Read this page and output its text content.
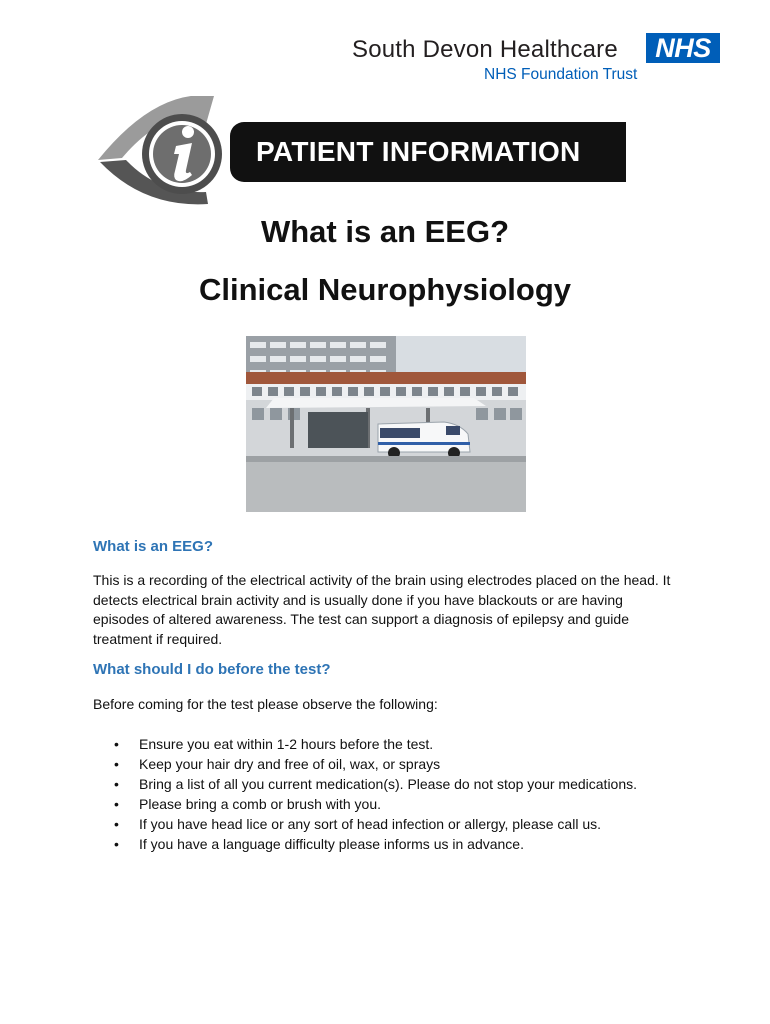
South Devon Healthcare	NHS
NHS Foundation Trust
PATIENT INFORMATION
What is an EEG?
Clinical Neurophysiology
What is an EEG?
This is a recording of the electrical activity of the brain using electrodes placed on the head. It detects electrical brain activity and is usually done if you have blackouts or are having episodes of altered awareness. The test can support a diagnosis of epilepsy and guide treatment if required.
What should I do before the test?
Before coming for the test please observe the following:
• Ensure you eat within 1-2 hours before the test.
• Keep your hair dry and free of oil, wax, or sprays
• Bring a list of all you current medication(s). Please do not stop your medications.
• Please bring a comb or brush with you.
• If you have head lice or any sort of head infection or allergy, please call us.
• If you have a language difficulty please informs us in advance.
